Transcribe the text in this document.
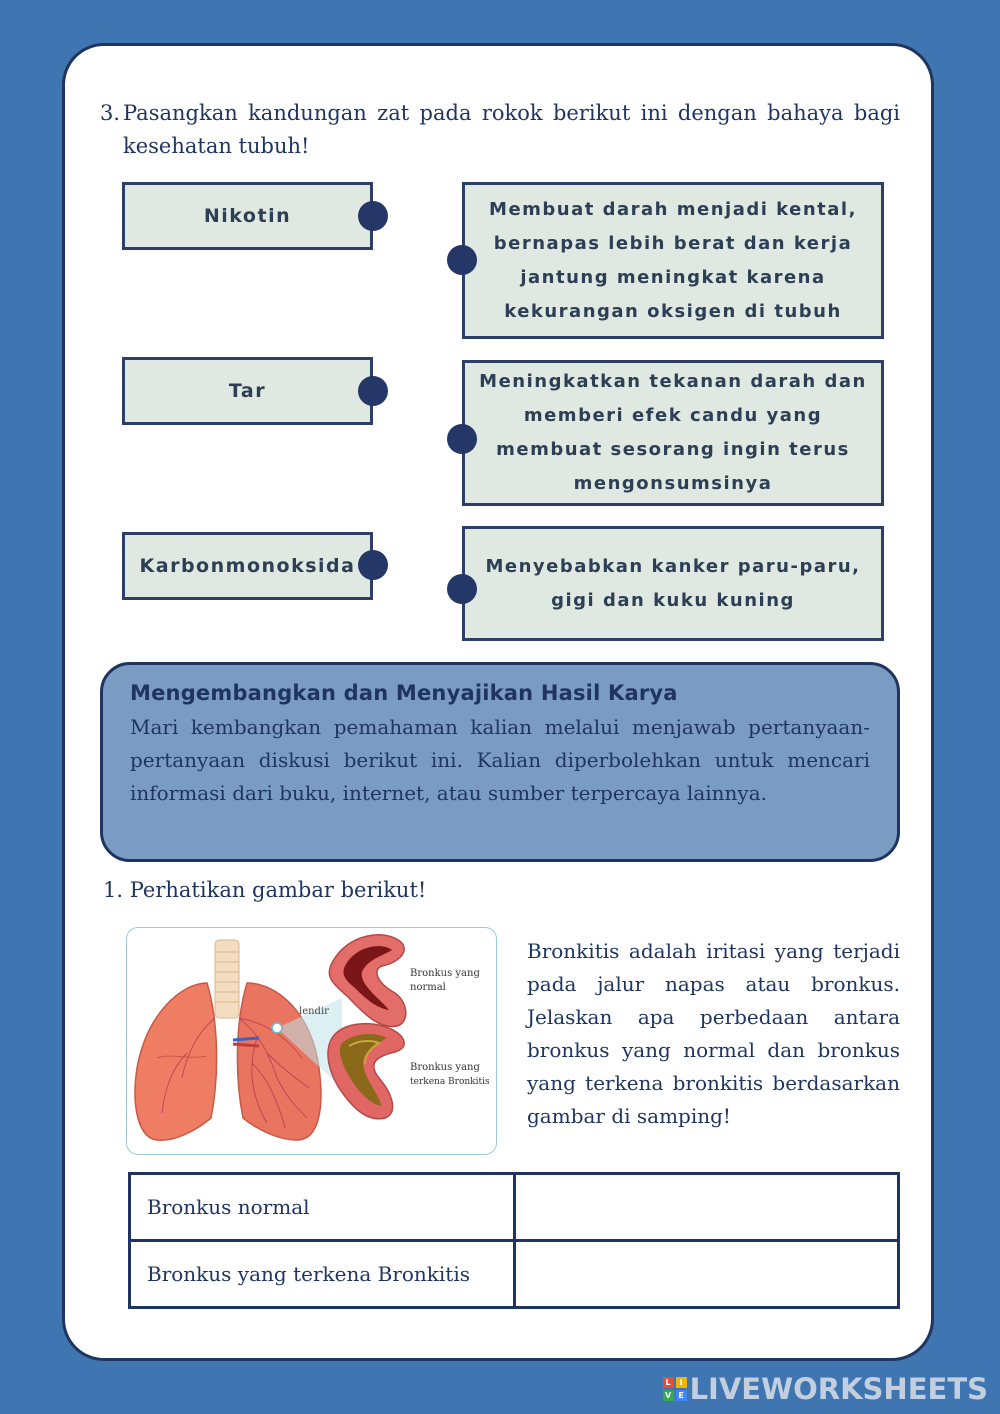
3. Pasangkan kandungan zat pada rokok berikut ini dengan bahaya bagi kesehatan tubuh!
Nikotin
Tar
Karbonmonoksida
Membuat darah menjadi kental, bernapas lebih berat dan kerja jantung meningkat karena kekurangan oksigen di tubuh
Meningkatkan tekanan darah dan memberi efek candu yang membuat sesorang ingin terus mengonsumsinya
Menyebabkan kanker paru-paru, gigi dan kuku kuning
Mengembangkan dan Menyajikan Hasil Karya

Mari kembangkan pemahaman kalian melalui menjawab pertanyaan-pertanyaan diskusi berikut ini. Kalian diperbolehkan untuk mencari informasi dari buku, internet, atau sumber terpercaya lainnya.

1. Perhatikan gambar berikut!
lendir
Bronkus yang
normal
Bronkus yang
terkena Bronkitis
Bronkitis adalah iritasi yang terjadi pada jalur napas atau bronkus. Jelaskan apa perbedaan antara bronkus yang normal dan bronkus yang terkena bronkitis berdasarkan gambar di samping!
Bronkus normal	
Bronkus yang terkena Bronkitis	
L	I
V E LIVEWORKSHEETS
